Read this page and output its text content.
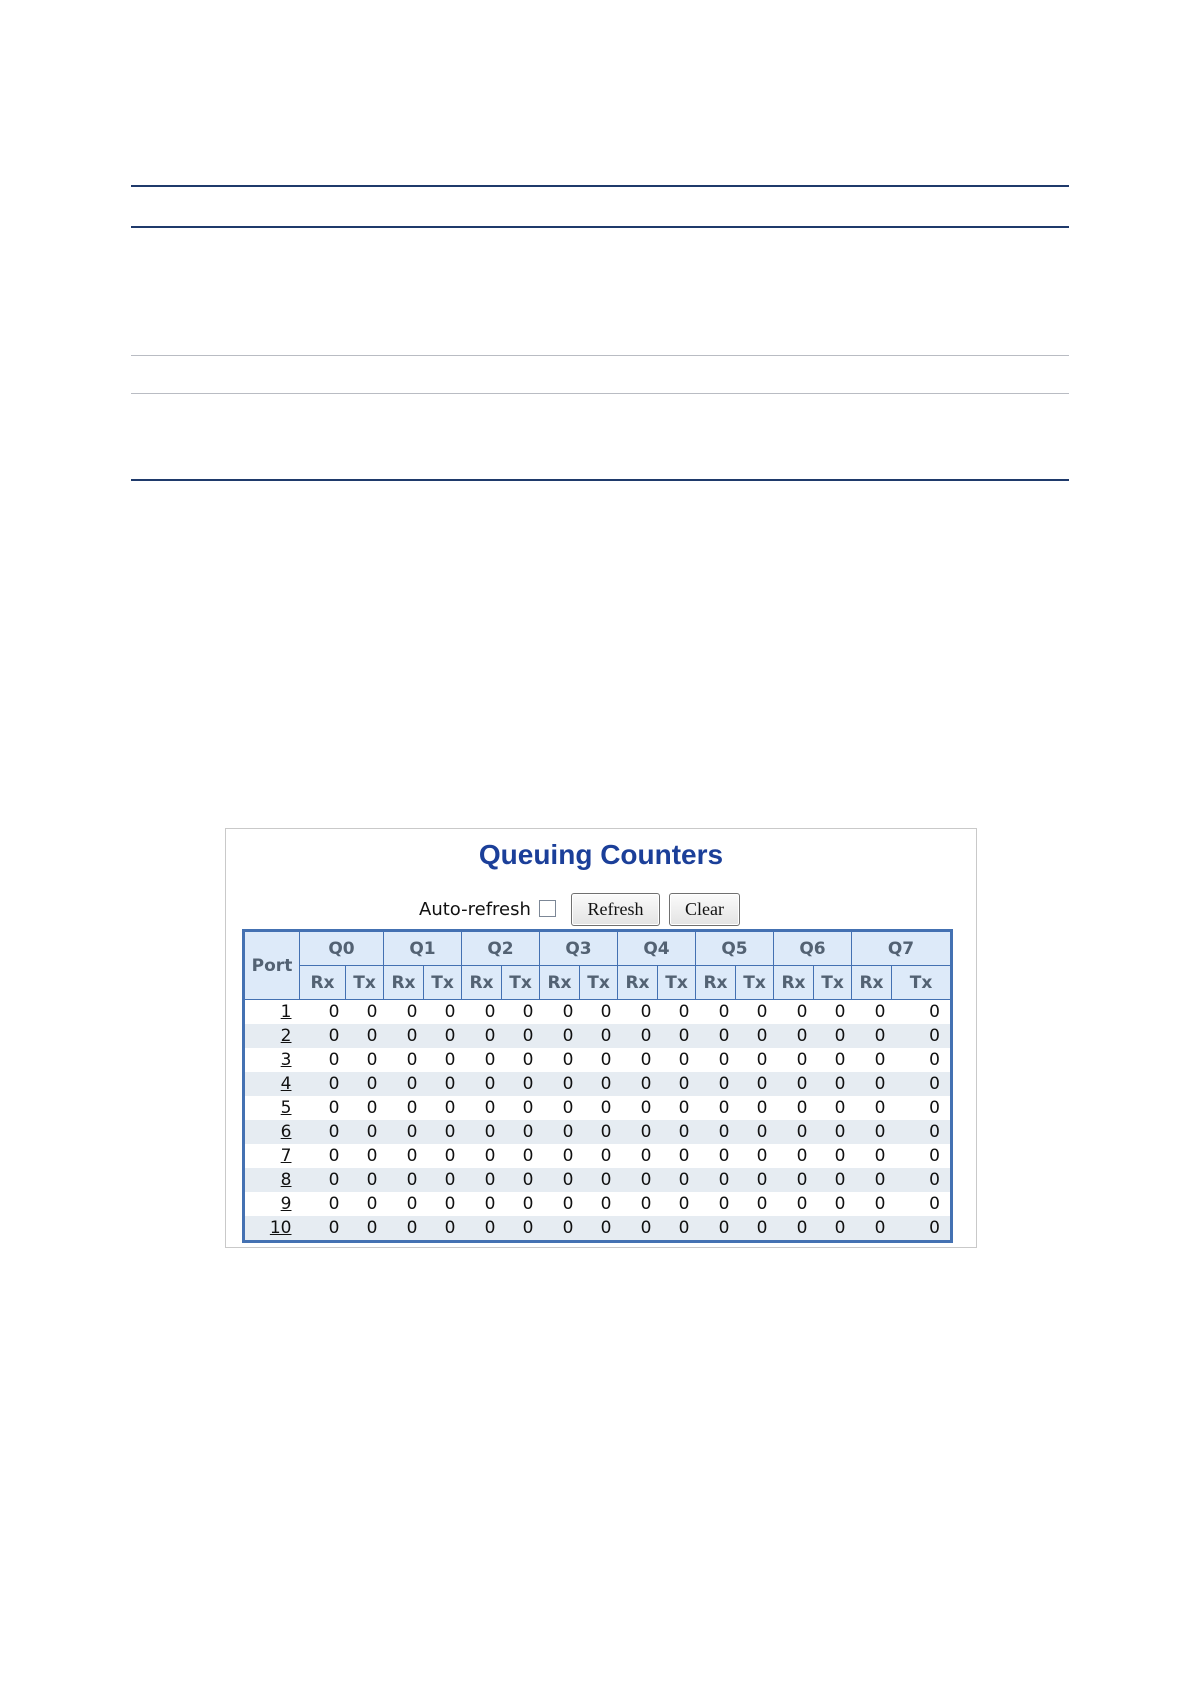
Queuing Counters
Auto-refresh	Refresh	Clear
Port	Q0		Q1		Q2		Q3		Q4		Q5		Q6		Q7	
	Rx	Tx	Rx	Tx	Rx	Tx	Rx	Tx	Rx	Tx	Rx	Tx	Rx	Tx	Rx	Tx
1	0	0	0	0	0	0	0	0	0	0	0	0	0	0	0	0
2	0	0	0	0	0	0	0	0	0	0	0	0	0	0	0	0
3	0	0	0	0	0	0	0	0	0	0	0	0	0	0	0	0
4	0	0	0	0	0	0	0	0	0	0	0	0	0	0	0	0
5	0	0	0	0	0	0	0	0	0	0	0	0	0	0	0	0
6	0	0	0	0	0	0	0	0	0	0	0	0	0	0	0	0
7	0	0	0	0	0	0	0	0	0	0	0	0	0	0	0	0
8	0	0	0	0	0	0	0	0	0	0	0	0	0	0	0	0
9	0	0	0	0	0	0	0	0	0	0	0	0	0	0	0	0
10	0	0	0	0	0	0	0	0	0	0	0	0	0	0	0	0
